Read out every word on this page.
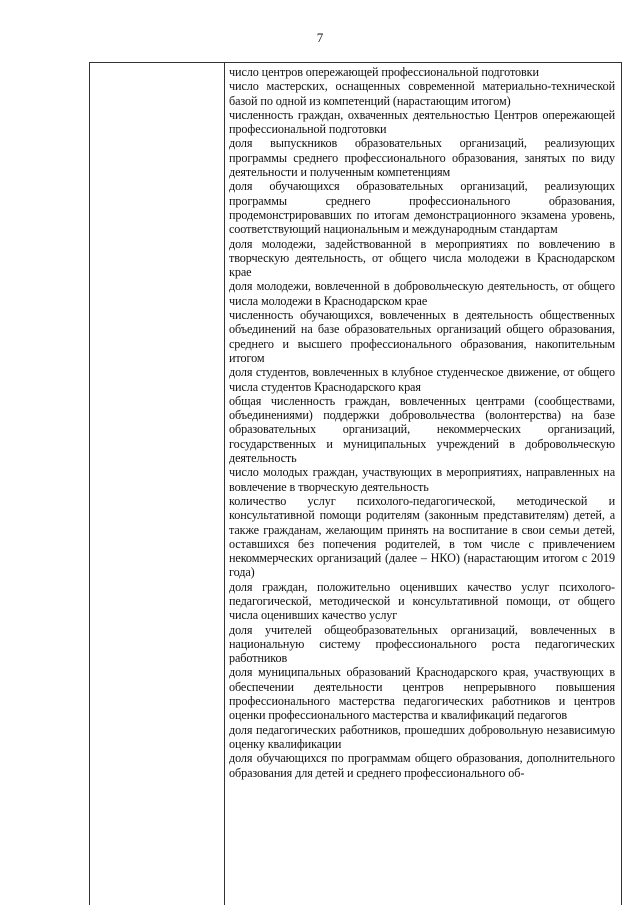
7

число центров опережающей профессиональной подготовки

число мастерских, оснащенных современной материально-технической базой по одной из компетенций (нарастающим итогом)

численность граждан, охваченных деятельностью Центров опережающей профессиональной подготовки

доля выпускников образовательных организаций, реализующих программы среднего профессионального образования, занятых по виду деятельности и полученным компетенциям

доля обучающихся образовательных организаций, реализующих программы среднего профессионального образования, продемонстрировавших по итогам демонстрационного экзамена уровень, соответствующий национальным и международным стандартам

доля молодежи, задействованной в мероприятиях по вовлечению в творческую деятельность, от общего числа молодежи в Краснодарском крае

доля молодежи, вовлеченной в добровольческую деятельность, от общего числа молодежи в Краснодарском крае

численность обучающихся, вовлеченных в деятельность общественных объединений на базе образовательных организаций общего образования, среднего и высшего профессионального образования, накопительным итогом

доля студентов, вовлеченных в клубное студенческое движение, от общего числа студентов Краснодарского края

общая численность граждан, вовлеченных центрами (сообществами, объединениями) поддержки добровольчества (волонтерства) на базе образовательных организаций, некоммерческих организаций, государственных и муниципальных учреждений в добровольческую деятельность

число молодых граждан, участвующих в мероприятиях, направленных на вовлечение в творческую деятельность

количество услуг психолого-педагогической, методической и консультативной помощи родителям (законным представителям) детей, а также гражданам, желающим принять на воспитание в свои семьи детей, оставшихся без попечения родителей, в том числе с привлечением некоммерческих организаций (далее – НКО) (нарастающим итогом с 2019 года)

доля граждан, положительно оценивших качество услуг психолого-педагогической, методической и консультативной помощи, от общего числа оценивших качество услуг

доля учителей общеобразовательных организаций, вовлеченных в национальную систему профессионального роста педагогических работников

доля муниципальных образований Краснодарского края, участвующих в обеспечении деятельности центров непрерывного повышения профессионального мастерства педагогических работников и центров оценки профессионального мастерства и квалификаций педагогов

доля педагогических работников, прошедших добровольную независимую оценку квалификации

доля обучающихся по программам общего образования, дополнительного образования для детей и среднего профессионального об-
